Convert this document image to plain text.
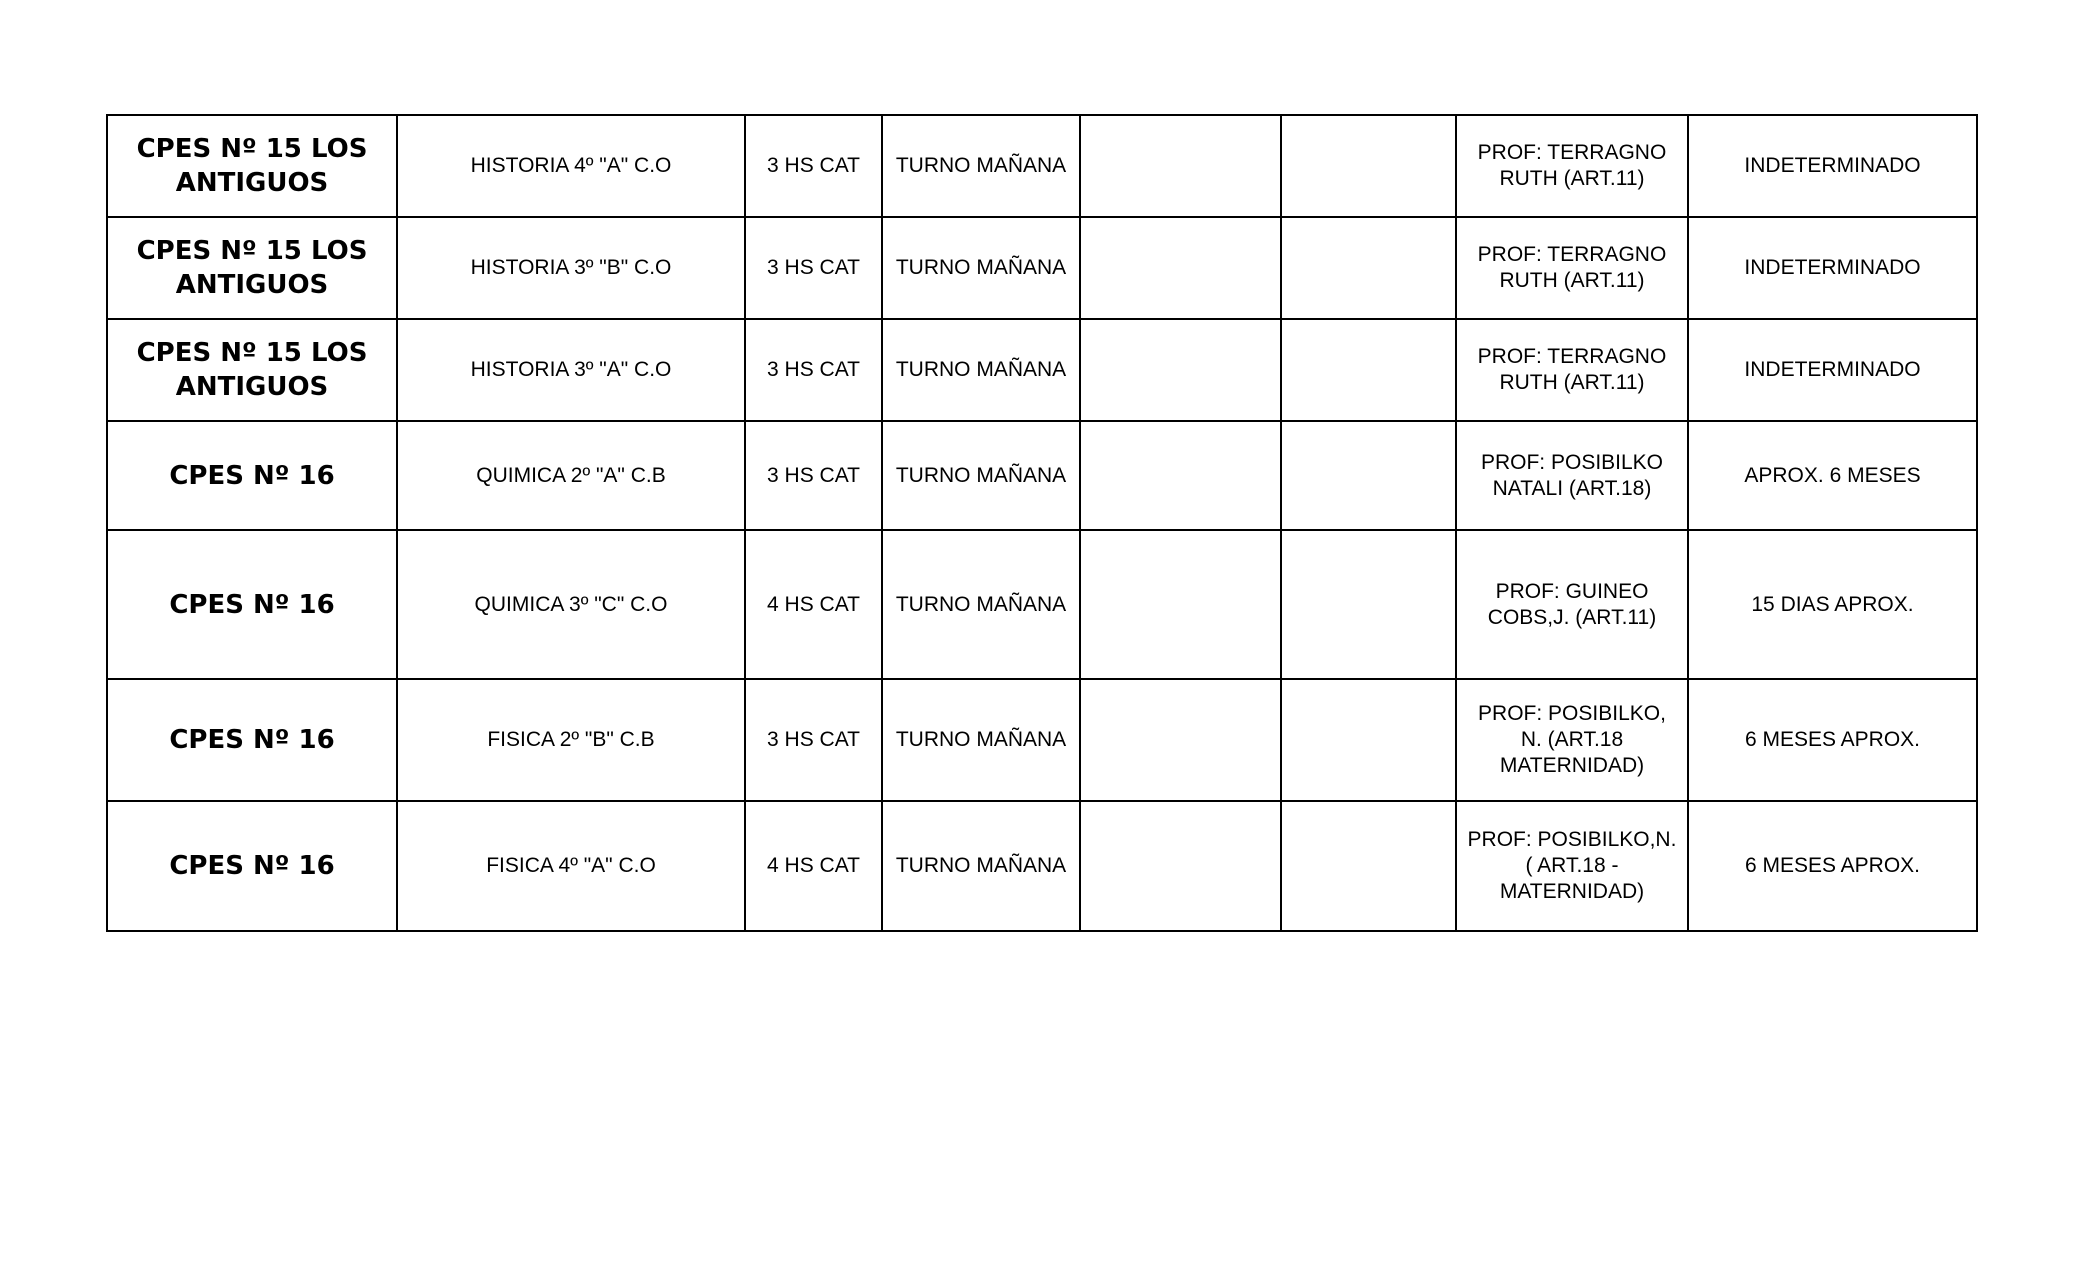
CPES Nº 15 LOS ANTIGUOS	HISTORIA 4º "A" C.O	3 HS CAT	TURNO MAÑANA			PROF: TERRAGNO RUTH (ART.11)	INDETERMINADO
CPES Nº 15 LOS ANTIGUOS	HISTORIA 3º "B" C.O	3 HS CAT	TURNO MAÑANA			PROF: TERRAGNO RUTH (ART.11)	INDETERMINADO
CPES Nº 15 LOS ANTIGUOS	HISTORIA 3º "A" C.O	3 HS CAT	TURNO MAÑANA			PROF: TERRAGNO RUTH (ART.11)	INDETERMINADO
CPES Nº 16	QUIMICA 2º "A" C.B	3 HS CAT	TURNO MAÑANA			PROF: POSIBILKO NATALI (ART.18)	APROX. 6 MESES
CPES Nº 16	QUIMICA 3º "C" C.O	4 HS CAT	TURNO MAÑANA			PROF: GUINEO COBS,J. (ART.11)	15 DIAS APROX.
CPES Nº 16	FISICA 2º "B" C.B	3 HS CAT	TURNO MAÑANA			PROF: POSIBILKO, N. (ART.18 MATERNIDAD)	6 MESES APROX.
CPES Nº 16	FISICA 4º "A" C.O	4 HS CAT	TURNO MAÑANA			PROF: POSIBILKO,N. ( ART.18 - MATERNIDAD)	6 MESES APROX.
